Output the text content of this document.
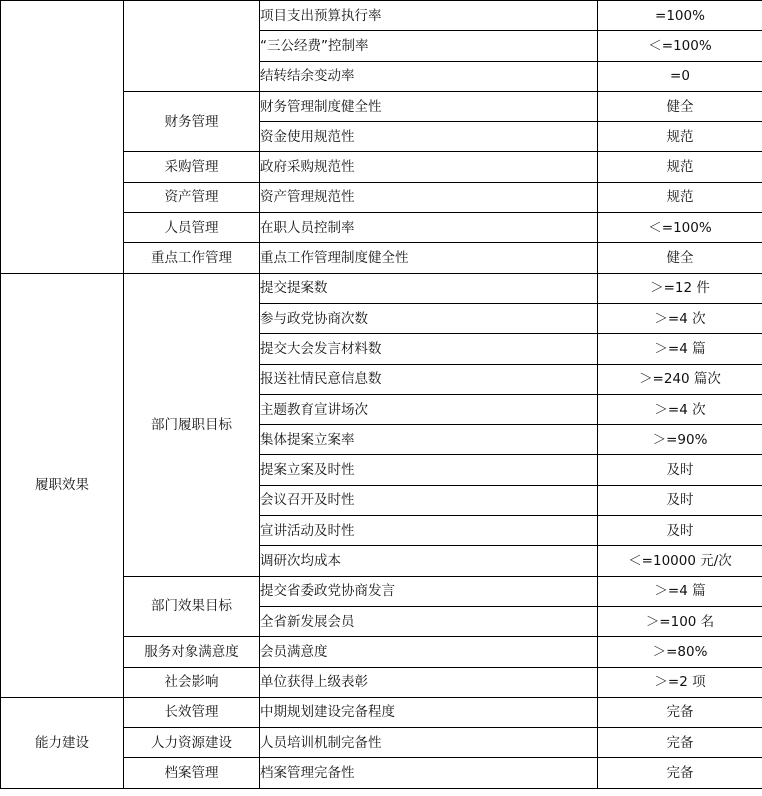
		项目支出预算执行率	=100%
		“三公经费”控制率	＜=100%
		结转结余变动率	=0
	财务管理	财务管理制度健全性	健全
		资金使用规范性	规范
	采购管理	政府采购规范性	规范
	资产管理	资产管理规范性	规范
	人员管理	在职人员控制率	＜=100%
	重点工作管理	重点工作管理制度健全性	健全
履职效果	部门履职目标	提交提案数	＞=12 件
		参与政党协商次数	＞=4 次
		提交大会发言材料数	＞=4 篇
		报送社情民意信息数	＞=240 篇次
		主题教育宣讲场次	＞=4 次
		集体提案立案率	＞=90%
		提案立案及时性	及时
		会议召开及时性	及时
		宣讲活动及时性	及时
		调研次均成本	＜=10000 元/次
	部门效果目标	提交省委政党协商发言	＞=4 篇
		全省新发展会员	＞=100 名
	服务对象满意度	会员满意度	＞=80%
	社会影响	单位获得上级表彰	＞=2 项
能力建设	长效管理	中期规划建设完备程度	完备
	人力资源建设	人员培训机制完备性	完备
	档案管理	档案管理完备性	完备
